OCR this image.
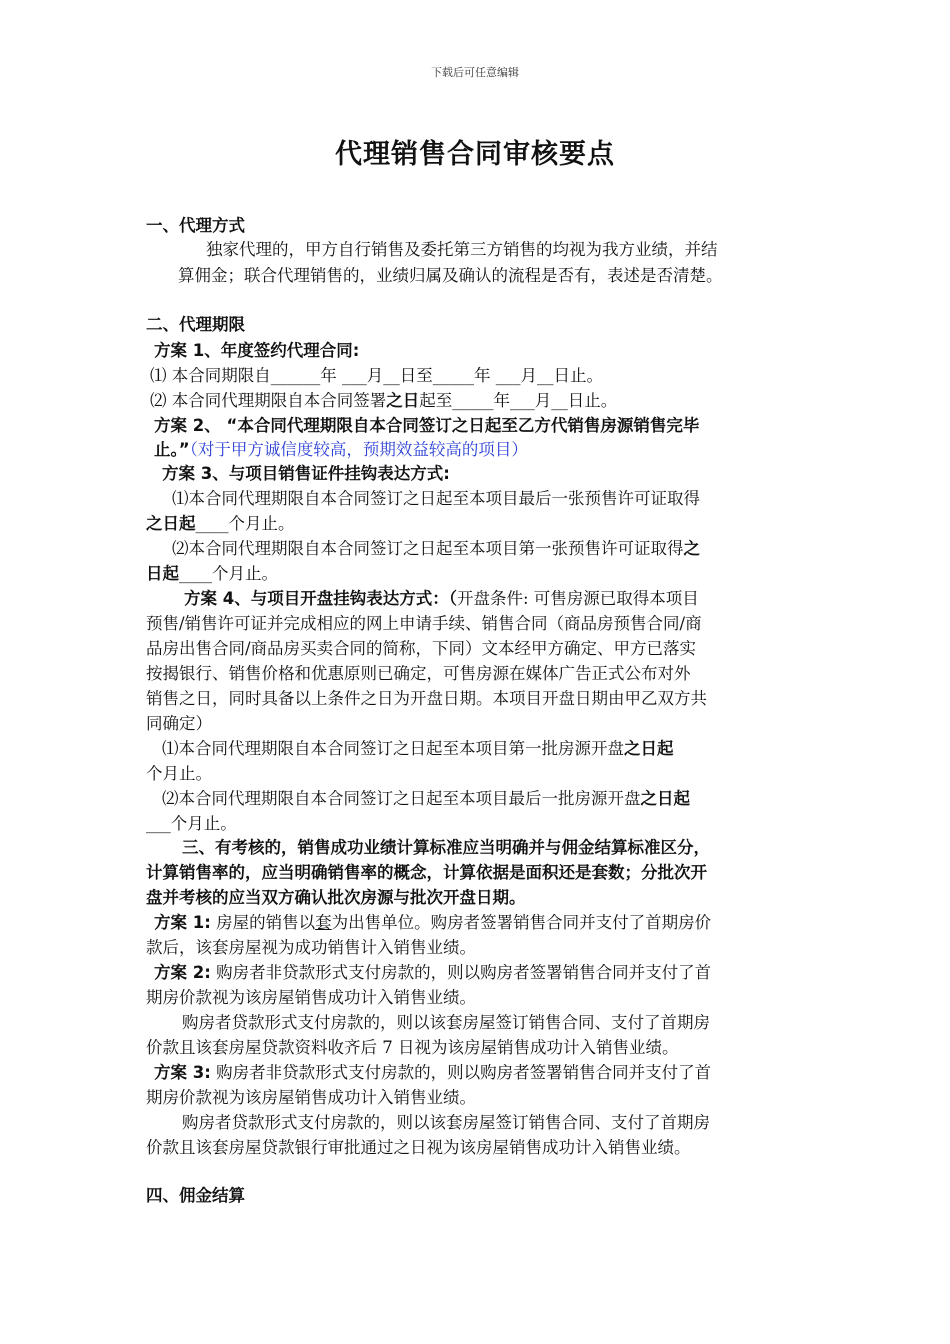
下载后可任意编辑
代理销售合同审核要点
一、代理方式
独家代理的，甲方自行销售及委托第三方销售的均视为我方业绩，并结
算佣金；联合代理销售的，业绩归属及确认的流程是否有，表述是否清楚。
二、代理期限
方案 1、年度签约代理合同:
⑴ 本合同期限自______年 ___月__日至_____年 ___月__日止。
⑵ 本合同代理期限自本合同签署之日起至_____年___月__日止。
方案 2、 “本合同代理期限自本合同签订之日起至乙方代销售房源销售完毕
止。”（对于甲方诚信度较高，预期效益较高的项目）
方案 3、与项目销售证件挂钩表达方式:
⑴本合同代理期限自本合同签订之日起至本项目最后一张预售许可证取得
之日起____个月止。
⑵本合同代理期限自本合同签订之日起至本项目第一张预售许可证取得之
日起____个月止。
方案 4、与项目开盘挂钩表达方式：（开盘条件: 可售房源已取得本项目
预售/销售许可证并完成相应的网上申请手续、销售合同（商品房预售合同/商
品房出售合同/商品房买卖合同的简称，下同）文本经甲方确定、甲方已落实
按揭银行、销售价格和优惠原则已确定，可售房源在媒体广告正式公布对外
销售之日，同时具备以上条件之日为开盘日期。本项目开盘日期由甲乙双方共
同确定）
⑴本合同代理期限自本合同签订之日起至本项目第一批房源开盘之日起
个月止。
⑵本合同代理期限自本合同签订之日起至本项目最后一批房源开盘之日起
___个月止。
三、有考核的，销售成功业绩计算标准应当明确并与佣金结算标准区分，
计算销售率的，应当明确销售率的概念，计算依据是面积还是套数；分批次开
盘并考核的应当双方确认批次房源与批次开盘日期。
方案 1: 房屋的销售以套为出售单位。购房者签署销售合同并支付了首期房价
款后，该套房屋视为成功销售计入销售业绩。
方案 2: 购房者非贷款形式支付房款的，则以购房者签署销售合同并支付了首
期房价款视为该房屋销售成功计入销售业绩。
购房者贷款形式支付房款的，则以该套房屋签订销售合同、支付了首期房
价款且该套房屋贷款资料收齐后 7 日视为该房屋销售成功计入销售业绩。
方案 3: 购房者非贷款形式支付房款的，则以购房者签署销售合同并支付了首
期房价款视为该房屋销售成功计入销售业绩。
购房者贷款形式支付房款的，则以该套房屋签订销售合同、支付了首期房
价款且该套房屋贷款银行审批通过之日视为该房屋销售成功计入销售业绩。
四、佣金结算
